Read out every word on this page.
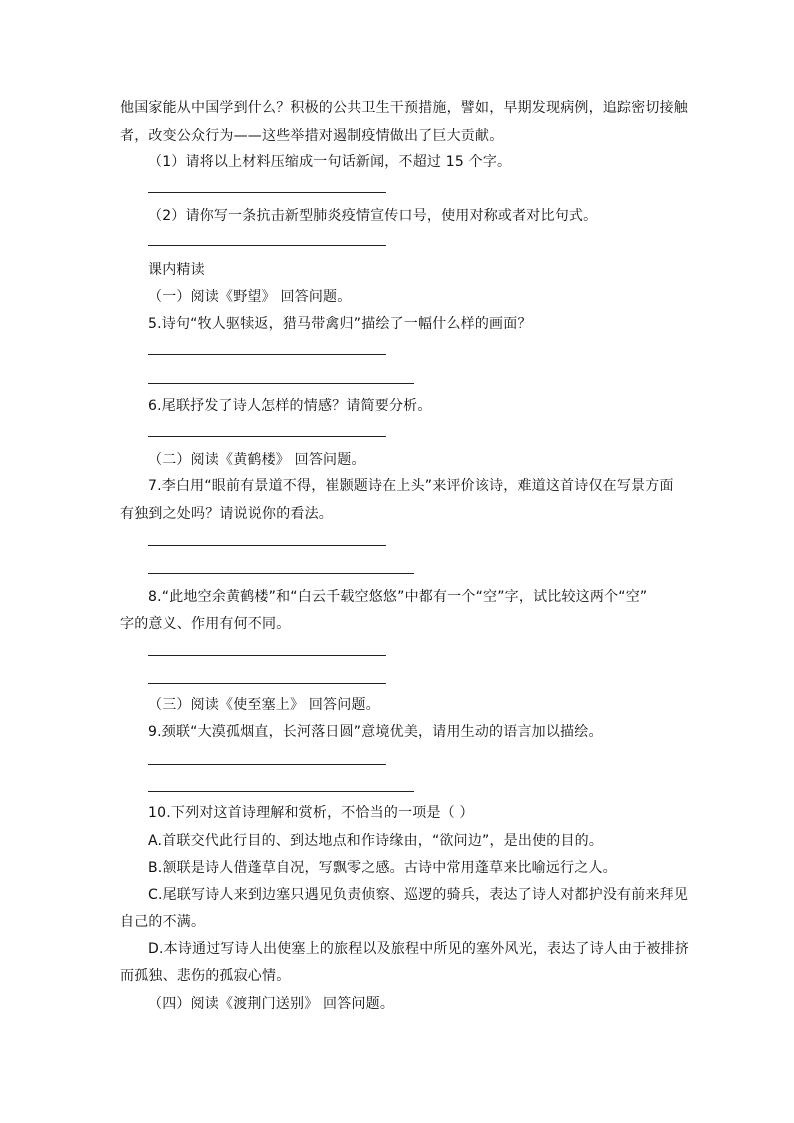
他国家能从中国学到什么？积极的公共卫生干预措施，譬如，早期发现病例，追踪密切接触
者，改变公众行为——这些举措对遏制疫情做出了巨大贡献。
（1）请将以上材料压缩成一句话新闻，不超过 15 个字。
（2）请你写一条抗击新型肺炎疫情宣传口号，使用对称或者对比句式。
课内精读
（一）阅读《野望》 回答问题。
5.诗句“牧人驱犊返，猎马带禽归”描绘了一幅什么样的画面？
6.尾联抒发了诗人怎样的情感？请简要分析。
（二）阅读《黄鹤楼》 回答问题。
7.李白用“眼前有景道不得，崔颢题诗在上头”来评价该诗，难道这首诗仅在写景方面
有独到之处吗？请说说你的看法。
8.“此地空余黄鹤楼”和“白云千载空悠悠”中都有一个“空”字，试比较这两个“空”
字的意义、作用有何不同。
（三）阅读《使至塞上》 回答问题。
9.颈联“大漠孤烟直，长河落日圆”意境优美，请用生动的语言加以描绘。
10.下列对这首诗理解和赏析，不恰当的一项是（ ）
A.首联交代此行目的、到达地点和作诗缘由，“欲问边”，是出使的目的。
B.颔联是诗人借蓬草自况，写飘零之感。古诗中常用蓬草来比喻远行之人。
C.尾联写诗人来到边塞只遇见负责侦察、巡逻的骑兵，表达了诗人对都护没有前来拜见
自己的不满。
D.本诗通过写诗人出使塞上的旅程以及旅程中所见的塞外风光，表达了诗人由于被排挤
而孤独、悲伤的孤寂心情。
（四）阅读《渡荆门送别》 回答问题。
